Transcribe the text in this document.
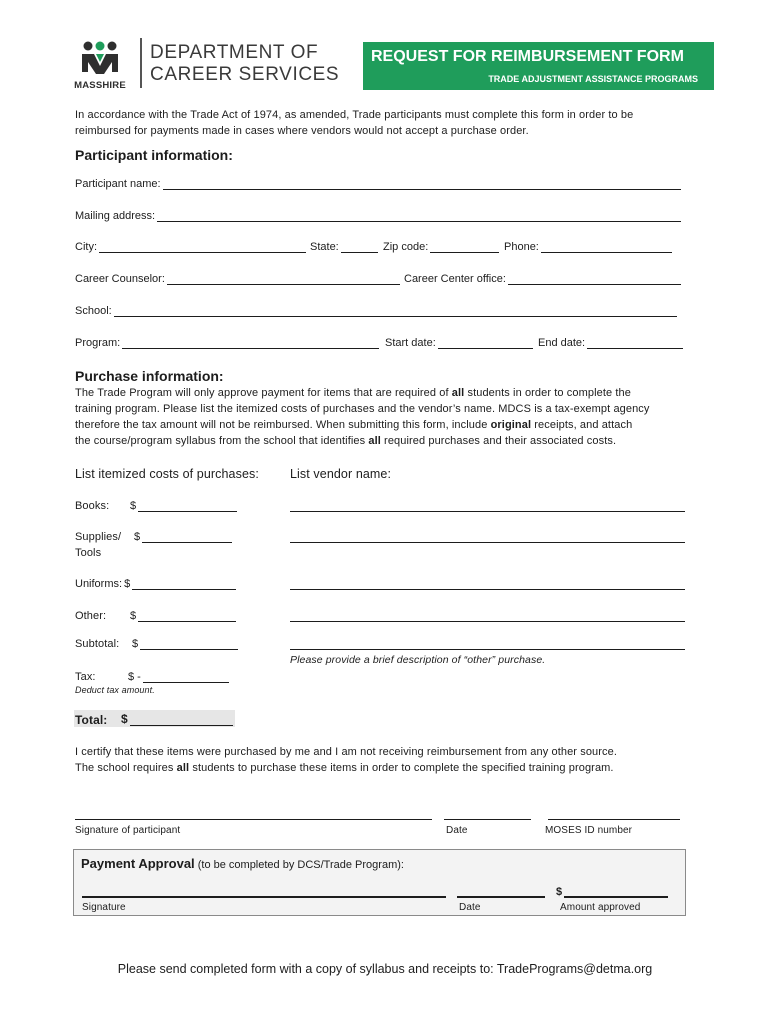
MASSHIRE
DEPARTMENT OF
CAREER SERVICES
REQUEST FOR REIMBURSEMENT FORM
TRADE ADJUSTMENT ASSISTANCE PROGRAMS
In accordance with the Trade Act of 1974, as amended, Trade participants must complete this form in order to be
reimbursed for payments made in cases where vendors would not accept a purchase order.
Participant information:
Participant name:
Mailing address:
City:	State:	Zip code:	Phone:
Career Counselor:	Career Center office:
School:
Program:	Start date:	End date:
Purchase information:
The Trade Program will only approve payment for items that are required of all students in order to complete the
training program. Please list the itemized costs of purchases and the vendor’s name. MDCS is a tax-exempt agency
therefore the tax amount will not be reimbursed. When submitting this form, include original receipts, and attach
the course/program syllabus from the school that identifies all required purchases and their associated costs.
List itemized costs of purchases: List vendor name:
Books: $
Supplies/
Tools
$
Uniforms: $
Other: $
Subtotal: $
Please provide a brief description of “other” purchase.
Tax:	$ -
Deduct tax amount.
Total: $
I certify that these items were purchased by me and I am not receiving reimbursement from any other source.
The school requires all students to purchase these items in order to complete the specified training program.
Signature of participant	Date	MOSES ID number
Payment Approval (to be completed by DCS/Trade Program):
$
Signature	Date	Amount approved
Please send completed form with a copy of syllabus and receipts to: TradePrograms@detma.org
